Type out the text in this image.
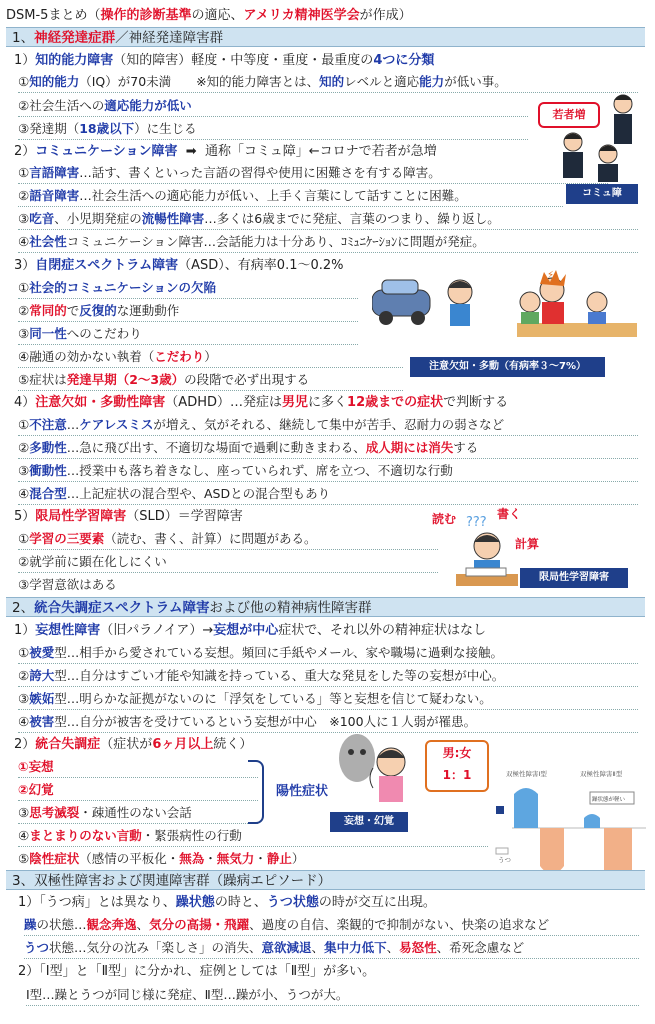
DSM-5まとめ（操作的診断基準の適応、アメリカ精神医学会が作成）
1、神経発達症群／神経発達障害群
1）知的能力障害（知的障害）軽度・中等度・重度・最重度の4つに分類
①知的能力（IQ）が70未満　　※知的能力障害とは、知的レベルと適応能力が低い事。
②社会生活への適応能力が低い
③発達期（18歳以下）に生じる
若者増
2）コミュニケーション障害 ➡ 通称「コミュ障」←コロナで若者が急増
①言語障害…話す、書くといった言語の習得や使用に困難さを有する障害。
②語音障害…社会生活への適応能力が低い、上手く言葉にして話すことに困難。	コミュ障
③吃音、小児期発症の流暢性障害…多くは6歳までに発症、言葉のつまり、繰り返し。
④社会性コミュニケーション障害…会話能力は十分あり、ｺﾐｭﾆｹｰｼｮﾝに問題が発症。
3）自閉症スペクトラム障害（ASD）、有病率0.1～0.2%
①社会的コミュニケーションの欠陥
②常同的で反復的な運動動作
③同一性へのこだわり
④融通の効かない執着（こだわり）
⑤症状は発達早期（2～3歳）の段階で必ず出現する
⚡
注意欠如・多動（有病率３～7%）
4）注意欠如・多動性障害（ADHD）…発症は男児に多く12歳までの症状で判断する
①不注意…ケアレスミスが増え、気がそれる、継続して集中が苦手、忍耐力の弱さなど
②多動性…急に飛び出す、不適切な場面で過剰に動きまわる、成人期には消失する
③衝動性…授業中も落ち着きなし、座っていられず、席を立つ、不適切な行動
④混合型…上記症状の混合型や、ASDとの混合型もあり
5）限局性学習障害（SLD）＝学習障害
①学習の三要素（読む、書く、計算）に問題がある。
②就学前に顕在化しにくい
③学習意欲はある
読む	書く
計算
???
限局性学習障害
2、統合失調症スペクトラム障害および他の精神病性障害群
1）妄想性障害（旧パラノイア）→妄想が中心症状で、それ以外の精神症状はなし
①被愛型…相手から愛されている妄想。頻回に手紙やメール、家や職場に過剰な接触。
②誇大型…自分はすごい才能や知識を持っている、重大な発見をした等の妄想が中心。
③嫉妬型…明らかな証拠がないのに「浮気をしている」等と妄想を信じて疑わない。
④被害型…自分が被害を受けているという妄想が中心　※100人に１人弱が罹患。
2）統合失調症（症状が6ヶ月以上続く）
①妄想
②幻覚
③思考滅裂・疎通性のない会話
陽性症状
妄想・幻覚
男:女
1：1
④まとまりのない言動・緊張病性の行動
⑤陰性症状（感情の平板化・無為・無気力・静止）
双極性障害Ⅰ型	双極性障害Ⅱ型
うつ
躁状態が軽い
3、双極性障害および関連障害群（躁病エピソード）
1）「うつ病」とは異なり、躁状態の時と、うつ状態の時が交互に出現。
躁の状態…観念奔逸、気分の高揚・飛躍、過度の自信、楽観的で抑制がない、快楽の追求など
うつ状態…気分の沈み「楽しさ」の消失、意欲減退、集中力低下、易怒性、希死念慮など
2）「Ⅰ型」と「Ⅱ型」に分かれ、症例としては「Ⅱ型」が多い。
Ⅰ型…躁とうつが同じ様に発症、Ⅱ型…躁が小、うつが大。
